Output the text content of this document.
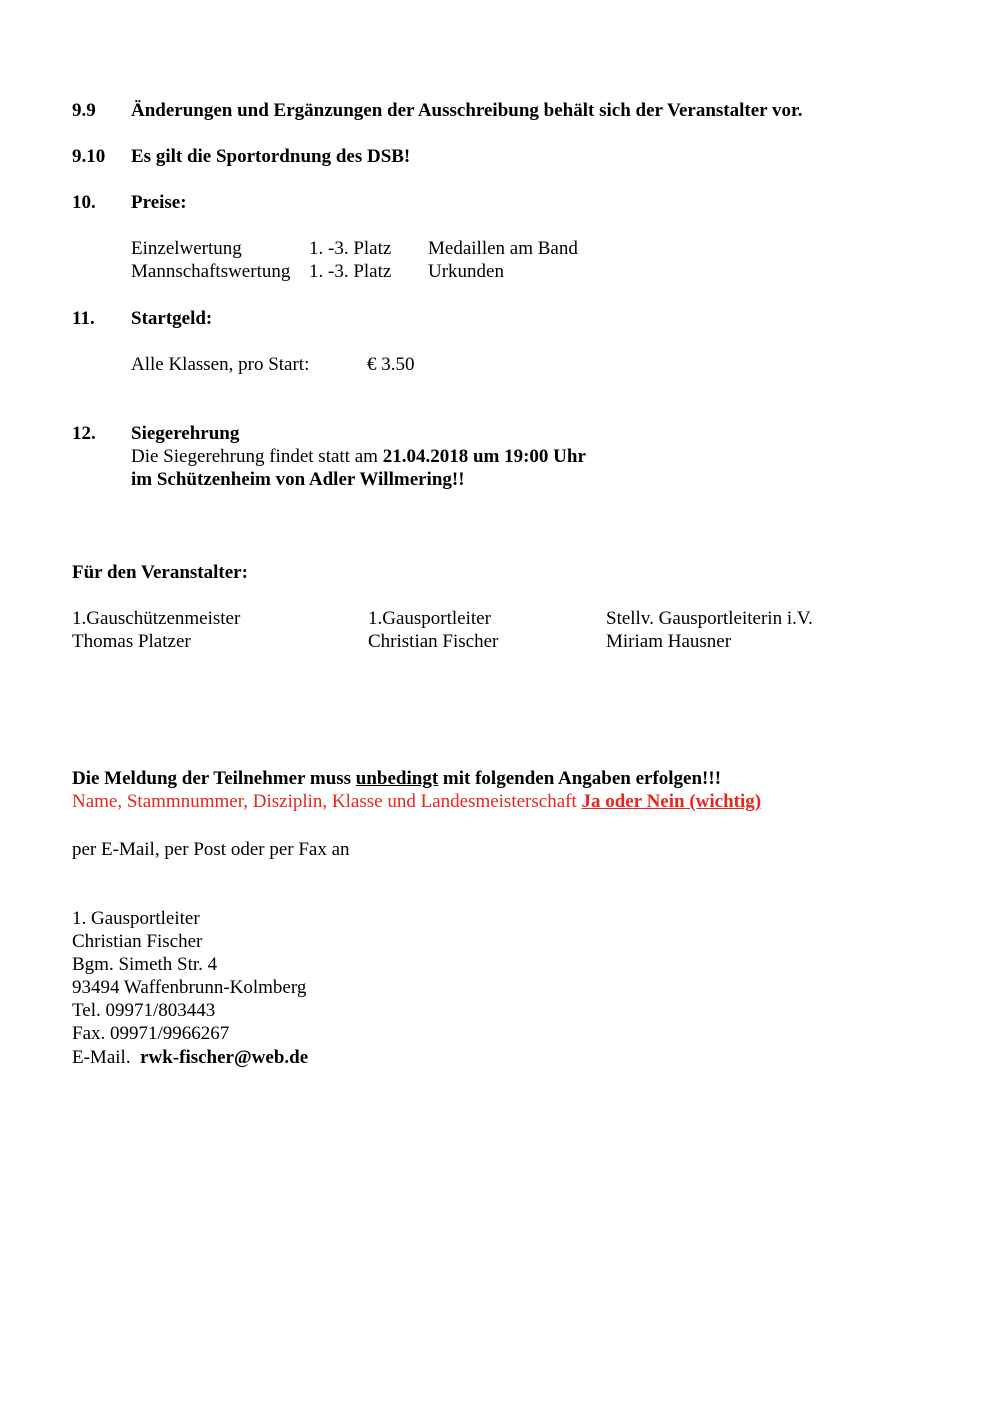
9.9 Änderungen und Ergänzungen der Ausschreibung behält sich der Veranstalter vor.
9.10 Es gilt die Sportordnung des DSB!
10. Preise:
Einzelwertung	1. -3. Platz Medaillen am Band
Mannschaftswertung 1. -3. Platz Urkunden
11. Startgeld:
Alle Klassen, pro Start:	€ 3.50
12. Siegerehrung
Die Siegerehrung findet statt am 21.04.2018 um 19:00 Uhr
im Schützenheim von Adler Willmering!!
Für den Veranstalter:
1.Gauschützenmeister
Thomas Platzer
1.Gausportleiter
Christian Fischer
Stellv. Gausportleiterin i.V.
Miriam Hausner
Die Meldung der Teilnehmer muss unbedingt mit folgenden Angaben erfolgen!!!
Name, Stammnummer, Disziplin, Klasse und Landesmeisterschaft Ja oder Nein (wichtig)
per E-Mail, per Post oder per Fax an
1. Gausportleiter
Christian Fischer
Bgm. Simeth Str. 4
93494 Waffenbrunn-Kolmberg
Tel. 09971/803443
Fax. 09971/9966267
E-Mail. rwk-fischer@web.de
